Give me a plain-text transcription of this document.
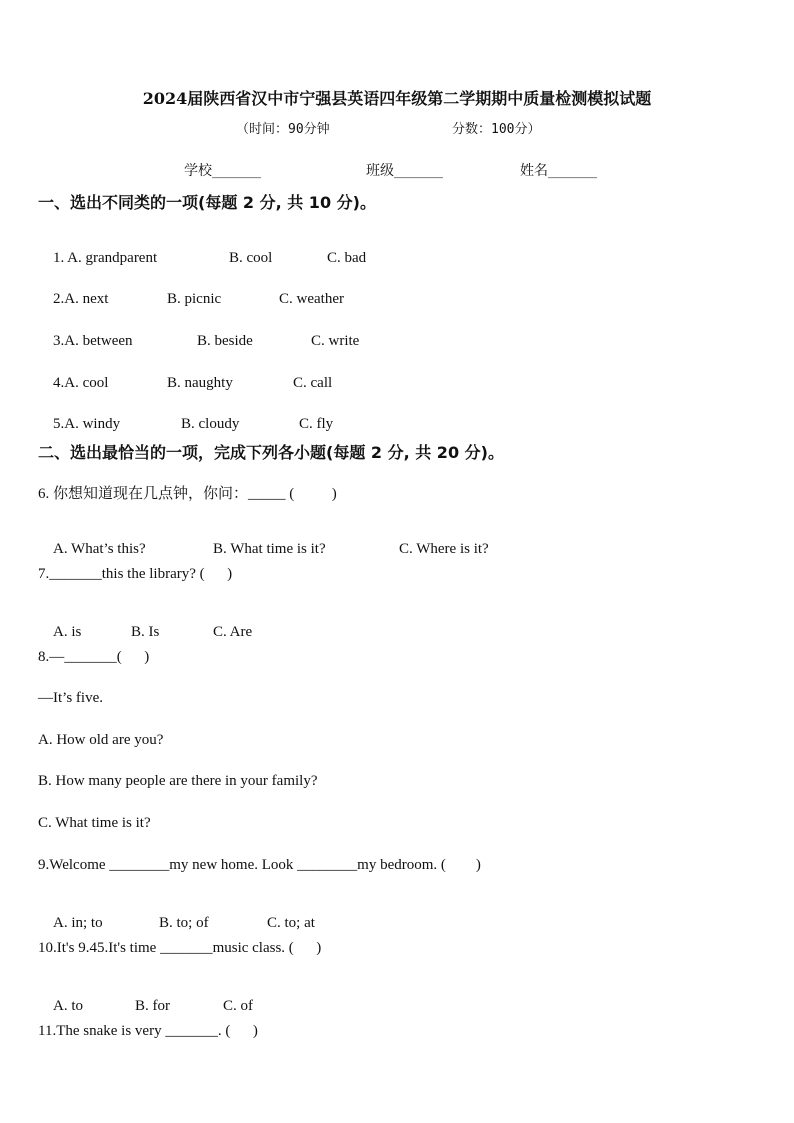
2024届陕西省汉中市宁强县英语四年级第二学期期中质量检测模拟试题
（时间：90分钟	分数：100分）
学校_______	班级_______	姓名_______
一、选出不同类的一项(每题 2 分, 共 10 分)。

1. A. grandparent	B. cool	C. bad

2.A. next	B. picnic	C. weather

3.A. between	B. beside	C. write

4.A. cool	B. naughty	C. call

5.A. windy	B. cloudy	C. fly

二、选出最恰当的一项，完成下列各小题(每题 2 分, 共 20 分)。
6. 你想知道现在几点钟，你问：_____ (          )

A. What’s this?	B. What time is it?	C. Where is it?

7._______this the library? (      )

A. is	B. Is	C. Are

8.—_______(      )
—It’s five.
A. How old are you?
B. How many people are there in your family?
C. What time is it?
9.Welcome ________my new home. Look ________my bedroom. (        )

A. in; to	B. to; of	C. to; at

10.It's 9.45.It's time _______music class. (      )

A. to	B. for	C. of

11.The snake is very _______. (      )
